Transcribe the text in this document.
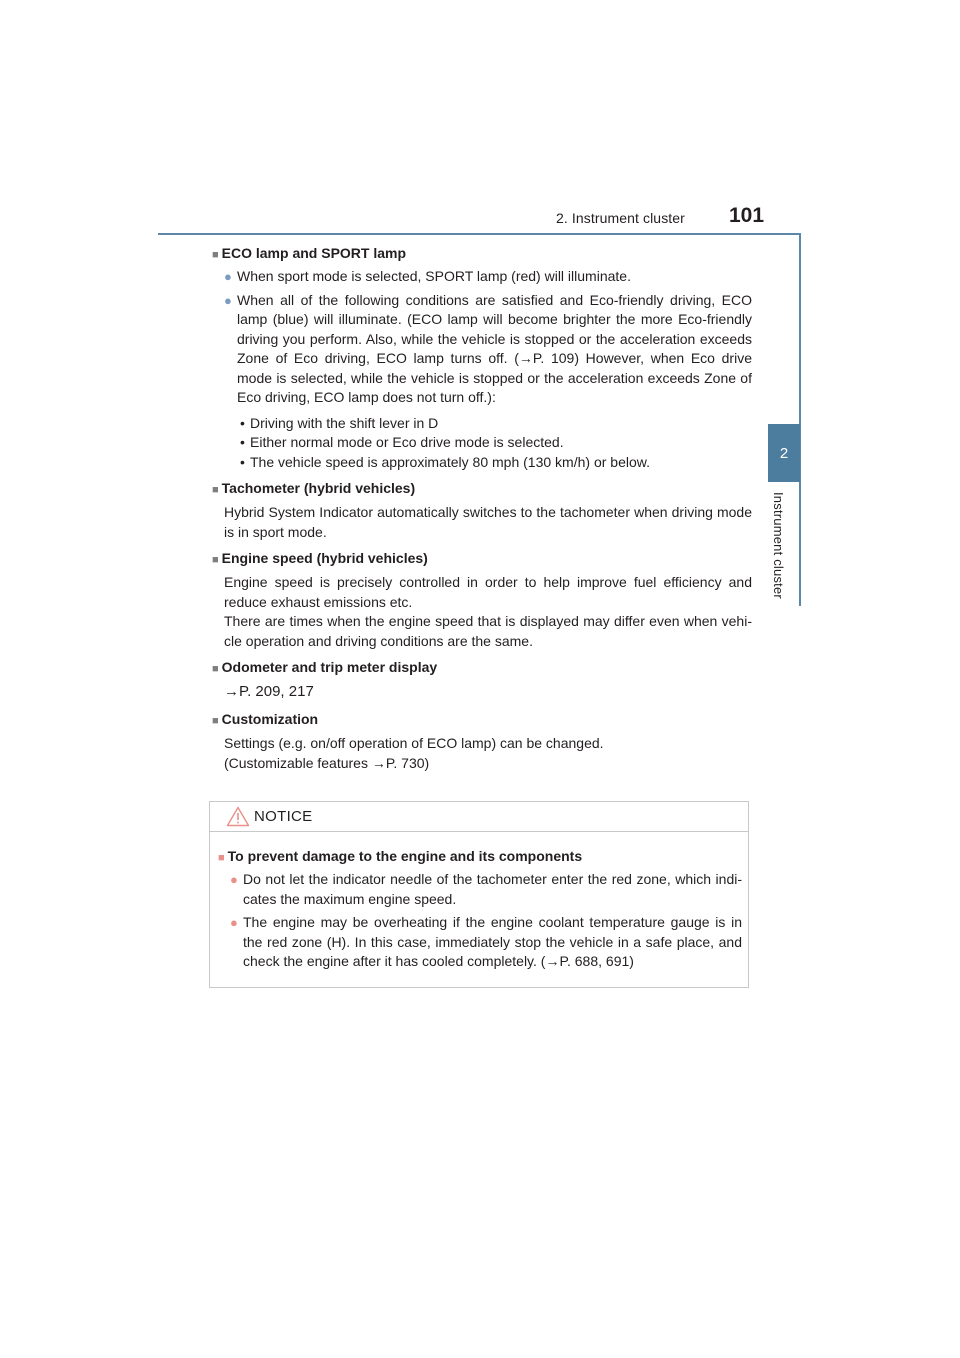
2. Instrument cluster 101
2
Instrument cluster
■ ECO lamp and SPORT lamp
● When sport mode is selected, SPORT lamp (red) will illuminate.
● When all of the following conditions are satisfied and Eco-friendly driving, ECO lamp (blue) will illuminate. (ECO lamp will become brighter the more Eco-friendly driving you perform. Also, while the vehicle is stopped or the acceleration exceeds Zone of Eco driving, ECO lamp turns off. (→P. 109) However, when Eco drive mode is selected, while the vehicle is stopped or the acceleration exceeds Zone of Eco driving, ECO lamp does not turn off.):
• Driving with the shift lever in D
• Either normal mode or Eco drive mode is selected.
• The vehicle speed is approximately 80 mph (130 km/h) or below.
■ Tachometer (hybrid vehicles)
Hybrid System Indicator automatically switches to the tachometer when driving mode is in sport mode.
■ Engine speed (hybrid vehicles)
Engine speed is precisely controlled in order to help improve fuel efficiency and reduce exhaust emissions etc.
There are times when the engine speed that is displayed may differ even when vehi-cle operation and driving conditions are the same.
■ Odometer and trip meter display
→P. 209, 217
■ Customization
Settings (e.g. on/off operation of ECO lamp) can be changed.
(Customizable features →P. 730)
NOTICE
■ To prevent damage to the engine and its components
● Do not let the indicator needle of the tachometer enter the red zone, which indi-cates the maximum engine speed.
● The engine may be overheating if the engine coolant temperature gauge is in the red zone (H). In this case, immediately stop the vehicle in a safe place, and check the engine after it has cooled completely. (→P. 688, 691)
